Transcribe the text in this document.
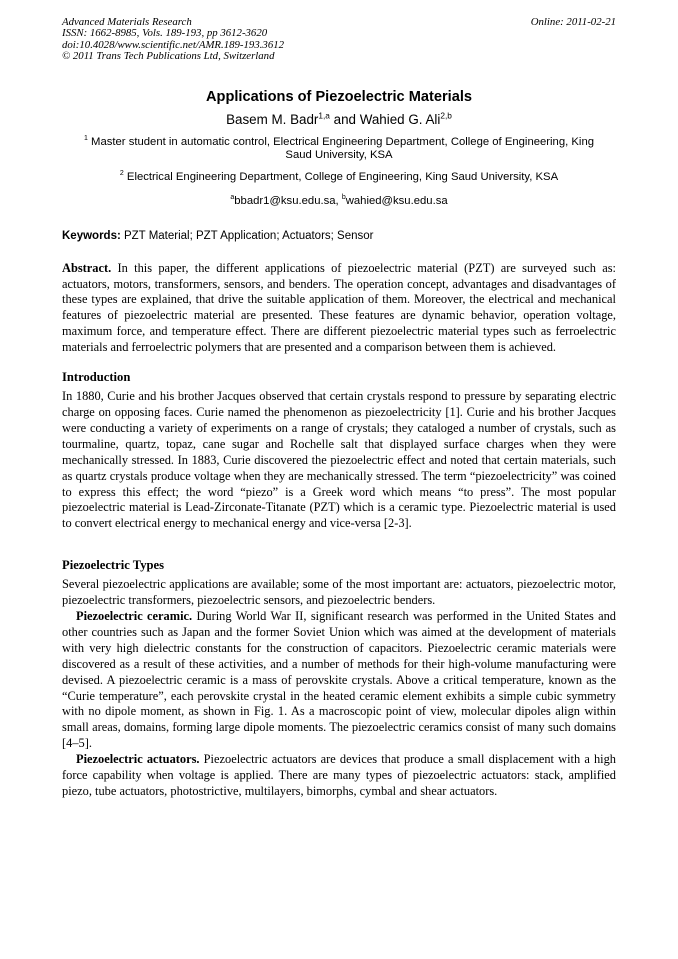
Advanced Materials Research
ISSN: 1662-8985, Vols. 189-193, pp 3612-3620
doi:10.4028/www.scientific.net/AMR.189-193.3612
© 2011 Trans Tech Publications Ltd, Switzerland
Online: 2011-02-21
Applications of Piezoelectric Materials
Basem M. Badr$^{1,a}$ and Wahied G. Ali$^{2,b}$
$^1$ Master student in automatic control, Electrical Engineering Department, College of Engineering, King Saud University, KSA
$^2$ Electrical Engineering Department, College of Engineering, King Saud University, KSA
$^a$bbadr1@ksu.edu.sa, $^b$wahied@ksu.edu.sa
Keywords: PZT Material; PZT Application; Actuators; Sensor

Abstract. In this paper, the different applications of piezoelectric material (PZT) are surveyed such as: actuators, motors, transformers, sensors, and benders. The operation concept, advantages and disadvantages of these types are explained, that drive the suitable application of them. Moreover, the electrical and mechanical features of piezoelectric material are presented. These features are dynamic behavior, operation voltage, maximum force, and temperature effect. There are different piezoelectric material types such as ferroelectric materials and ferroelectric polymers that are presented and a comparison between them is achieved.

Introduction

In 1880, Curie and his brother Jacques observed that certain crystals respond to pressure by separating electric charge on opposing faces. Curie named the phenomenon as piezoelectricity [1]. Curie and his brother Jacques were conducting a variety of experiments on a range of crystals; they cataloged a number of crystals, such as tourmaline, quartz, topaz, cane sugar and Rochelle salt that displayed surface charges when they were mechanically stressed. In 1883, Curie discovered the piezoelectric effect and noted that certain materials, such as quartz crystals produce voltage when they are mechanically stressed. The term “piezoelectricity” was coined to express this effect; the word “piezo” is a Greek word which means “to press”. The most popular piezoelectric material is Lead-Zirconate-Titanate (PZT) which is a ceramic type. Piezoelectric material is used to convert electrical energy to mechanical energy and vice-versa [2-3].

Piezoelectric Types

Several piezoelectric applications are available; some of the most important are: actuators, piezoelectric motor, piezoelectric transformers, piezoelectric sensors, and piezoelectric benders.

Piezoelectric ceramic. During World War II, significant research was performed in the United States and other countries such as Japan and the former Soviet Union which was aimed at the development of materials with very high dielectric constants for the construction of capacitors. Piezoelectric ceramic materials were discovered as a result of these activities, and a number of methods for their high-volume manufacturing were devised. A piezoelectric ceramic is a mass of perovskite crystals. Above a critical temperature, known as the “Curie temperature”, each perovskite crystal in the heated ceramic element exhibits a simple cubic symmetry with no dipole moment, as shown in Fig. 1. As a macroscopic point of view, molecular dipoles align within small areas, domains, forming large dipole moments. The piezoelectric ceramics consist of many such domains [4–5].

Piezoelectric actuators. Piezoelectric actuators are devices that produce a small displacement with a high force capability when voltage is applied. There are many types of piezoelectric actuators: stack, amplified piezo, tube actuators, photostrictive, multilayers, bimorphs, cymbal and shear actuators.
